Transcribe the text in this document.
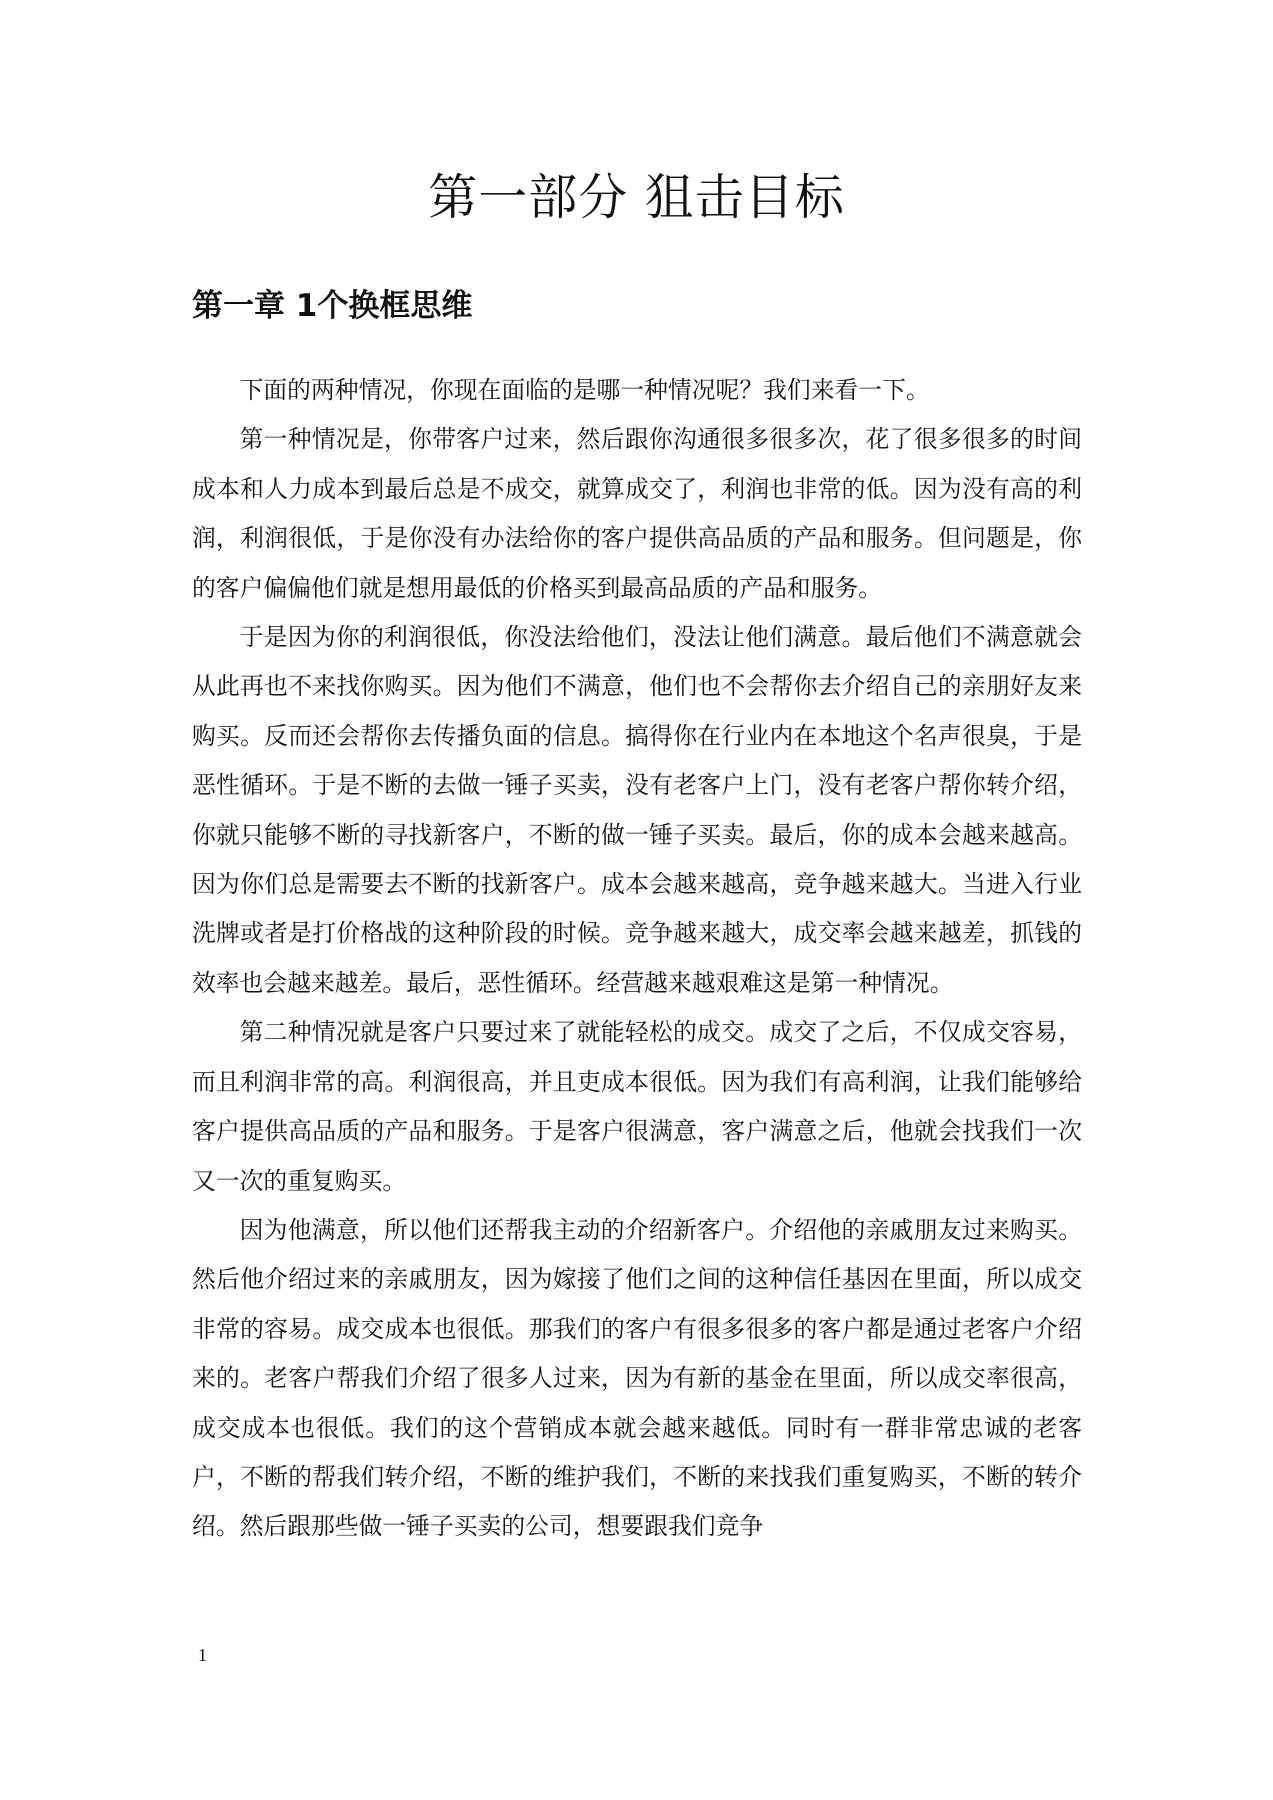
第一部分 狙击目标
第一章 1个换框思维

下面的两种情况，你现在面临的是哪一种情况呢？我们来看一下。

第一种情况是，你带客户过来，然后跟你沟通很多很多次，花了很多很多的时间成本和人力成本到最后总是不成交，就算成交了，利润也非常的低。因为没有高的利润，利润很低，于是你没有办法给你的客户提供高品质的产品和服务。但问题是，你的客户偏偏他们就是想用最低的价格买到最高品质的产品和服务。

于是因为你的利润很低，你没法给他们，没法让他们满意。最后他们不满意就会从此再也不来找你购买。因为他们不满意，他们也不会帮你去介绍自己的亲朋好友来购买。反而还会帮你去传播负面的信息。搞得你在行业内在本地这个名声很臭，于是恶性循环。于是不断的去做一锤子买卖，没有老客户上门，没有老客户帮你转介绍，你就只能够不断的寻找新客户，不断的做一锤子买卖。最后，你的成本会越来越高。因为你们总是需要去不断的找新客户。成本会越来越高，竞争越来越大。当进入行业洗牌或者是打价格战的这种阶段的时候。竞争越来越大，成交率会越来越差，抓钱的效率也会越来越差。最后，恶性循环。经营越来越艰难这是第一种情况。

第二种情况就是客户只要过来了就能轻松的成交。成交了之后，不仅成交容易，而且利润非常的高。利润很高，并且吏成本很低。因为我们有高利润，让我们能够给客户提供高品质的产品和服务。于是客户很满意，客户满意之后，他就会找我们一次又一次的重复购买。

因为他满意，所以他们还帮我主动的介绍新客户。介绍他的亲戚朋友过来购买。然后他介绍过来的亲戚朋友，因为嫁接了他们之间的这种信任基因在里面，所以成交非常的容易。成交成本也很低。那我们的客户有很多很多的客户都是通过老客户介绍来的。老客户帮我们介绍了很多人过来，因为有新的基金在里面，所以成交率很高，成交成本也很低。我们的这个营销成本就会越来越低。同时有一群非常忠诚的老客户，不断的帮我们转介绍，不断的维护我们，不断的来找我们重复购买，不断的转介绍。然后跟那些做一锤子买卖的公司，想要跟我们竞争

1
